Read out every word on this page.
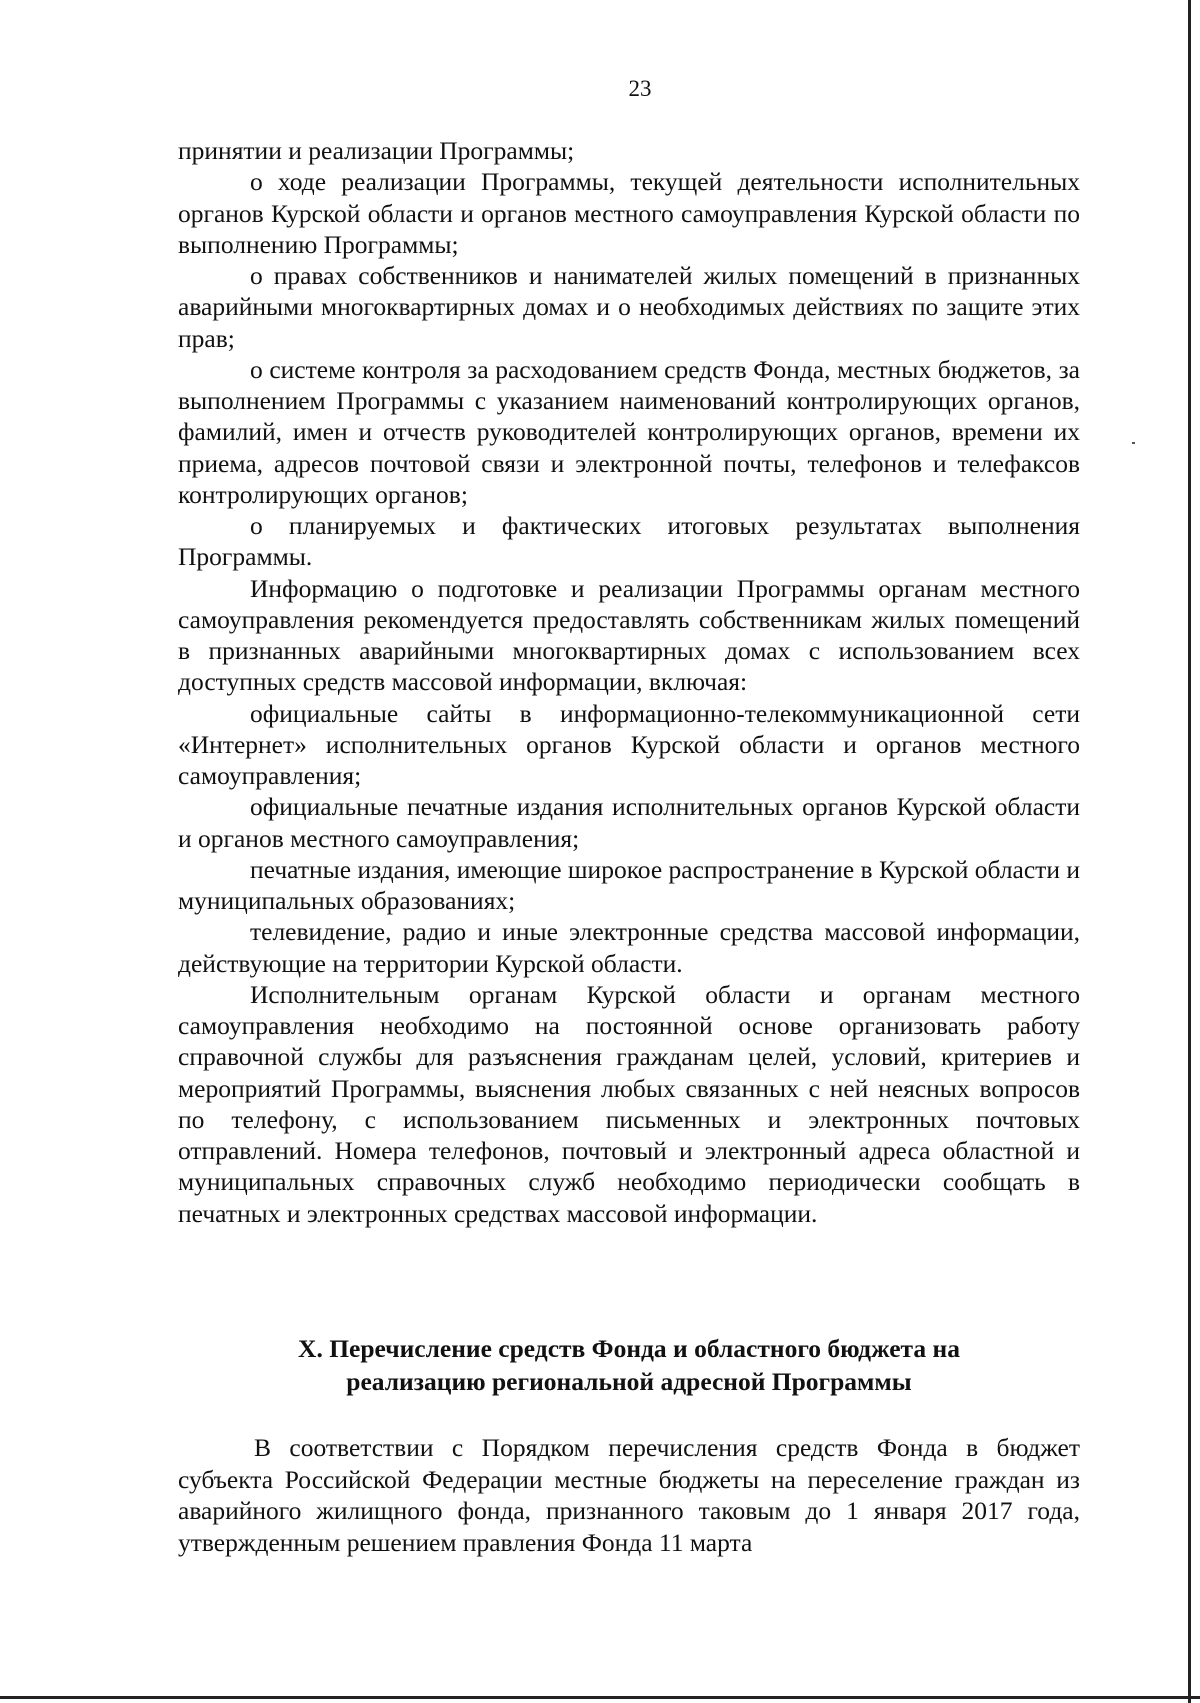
23

принятии и реализации Программы;

о ходе реализации Программы, текущей деятельности исполнительных органов Курской области и органов местного самоуправления Курской области по выполнению Программы;

о правах собственников и нанимателей жилых помещений в признанных аварийными многоквартирных домах и о необходимых действиях по защите этих прав;

о системе контроля за расходованием средств Фонда, местных бюджетов, за выполнением Программы с указанием наименований контролирующих органов, фамилий, имен и отчеств руководителей контролирующих органов, времени их приема, адресов почтовой связи и электронной почты, телефонов и телефаксов контролирующих органов;

о планируемых и фактических итоговых результатах выполнения Программы.

Информацию о подготовке и реализации Программы органам местного самоуправления рекомендуется предоставлять собственникам жилых помещений в признанных аварийными многоквартирных домах с использованием всех доступных средств массовой информации, включая:

официальные сайты в информационно-телекоммуникационной сети «Интернет» исполнительных органов Курской области и органов местного самоуправления;

официальные печатные издания исполнительных органов Курской области и органов местного самоуправления;

печатные издания, имеющие широкое распространение в Курской области и муниципальных образованиях;

телевидение, радио и иные электронные средства массовой информации, действующие на территории Курской области.

Исполнительным органам Курской области и органам местного самоуправления необходимо на постоянной основе организовать работу справочной службы для разъяснения гражданам целей, условий, критериев и мероприятий Программы, выяснения любых связанных с ней неясных вопросов по телефону, с использованием письменных и электронных почтовых отправлений. Номера телефонов, почтовый и электронный адреса областной и муниципальных справочных служб необходимо периодически сообщать в печатных и электронных средствах массовой информации.

X. Перечисление средств Фонда и областного бюджета на
реализацию региональной адресной Программы

В соответствии с Порядком перечисления средств Фонда в бюджет субъекта Российской Федерации местные бюджеты на переселение граждан из аварийного жилищного фонда, признанного таковым до 1 января 2017 года, утвержденным решением правления Фонда 11 марта
